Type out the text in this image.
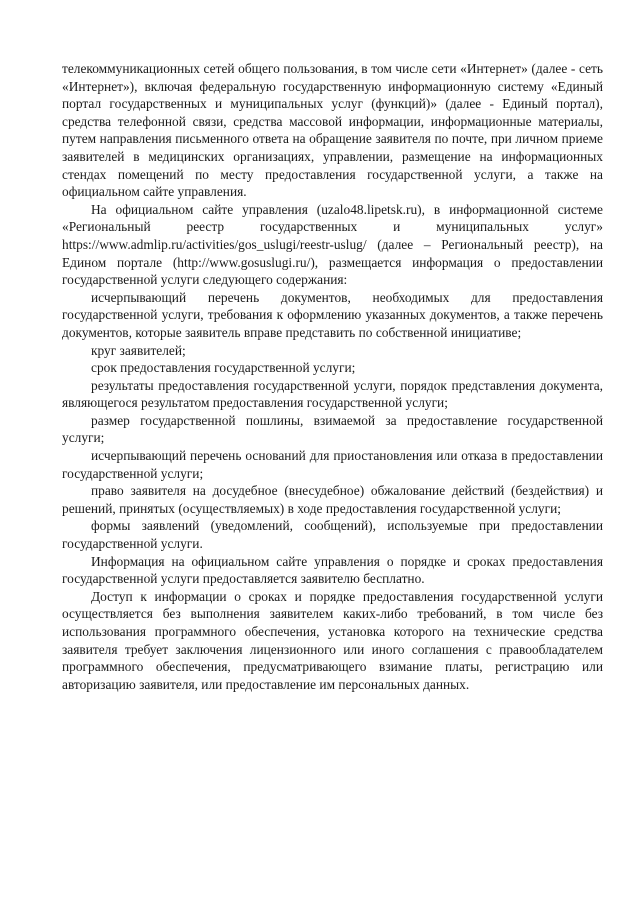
телекоммуникационных сетей общего пользования, в том числе сети «Интернет» (далее - сеть «Интернет»), включая федеральную государственную информационную систему «Единый портал государственных и муниципальных услуг (функций)» (далее - Единый портал), средства телефонной связи, средства массовой информации, информационные материалы, путем направления письменного ответа на обращение заявителя по почте, при личном приеме заявителей в медицинских организациях, управлении, размещение на информационных стендах помещений по месту предоставления государственной услуги, а также на официальном сайте управления.

На официальном сайте управления (uzalo48.lipetsk.ru), в информационной системе «Региональный реестр государственных и муниципальных услуг» https://www.admlip.ru/activities/gos_uslugi/reestr-uslug/ (далее – Региональный реестр), на Едином портале (http://www.gosuslugi.ru/), размещается информация о предоставлении государственной услуги следующего содержания:

исчерпывающий перечень документов, необходимых для предоставления государственной услуги, требования к оформлению указанных документов, а также перечень документов, которые заявитель вправе представить по собственной инициативе;

круг заявителей;

срок предоставления государственной услуги;

результаты предоставления государственной услуги, порядок представления документа, являющегося результатом предоставления государственной услуги;

размер государственной пошлины, взимаемой за предоставление государственной услуги;

исчерпывающий перечень оснований для приостановления или отказа в предоставлении государственной услуги;

право заявителя на досудебное (внесудебное) обжалование действий (бездействия) и решений, принятых (осуществляемых) в ходе предоставления государственной услуги;

формы заявлений (уведомлений, сообщений), используемые при предоставлении государственной услуги.

Информация на официальном сайте управления о порядке и сроках предоставления государственной услуги предоставляется заявителю бесплатно.

Доступ к информации о сроках и порядке предоставления государственной услуги осуществляется без выполнения заявителем каких-либо требований, в том числе без использования программного обеспечения, установка которого на технические средства заявителя требует заключения лицензионного или иного соглашения с правообладателем программного обеспечения, предусматривающего взимание платы, регистрацию или авторизацию заявителя, или предоставление им персональных данных.
